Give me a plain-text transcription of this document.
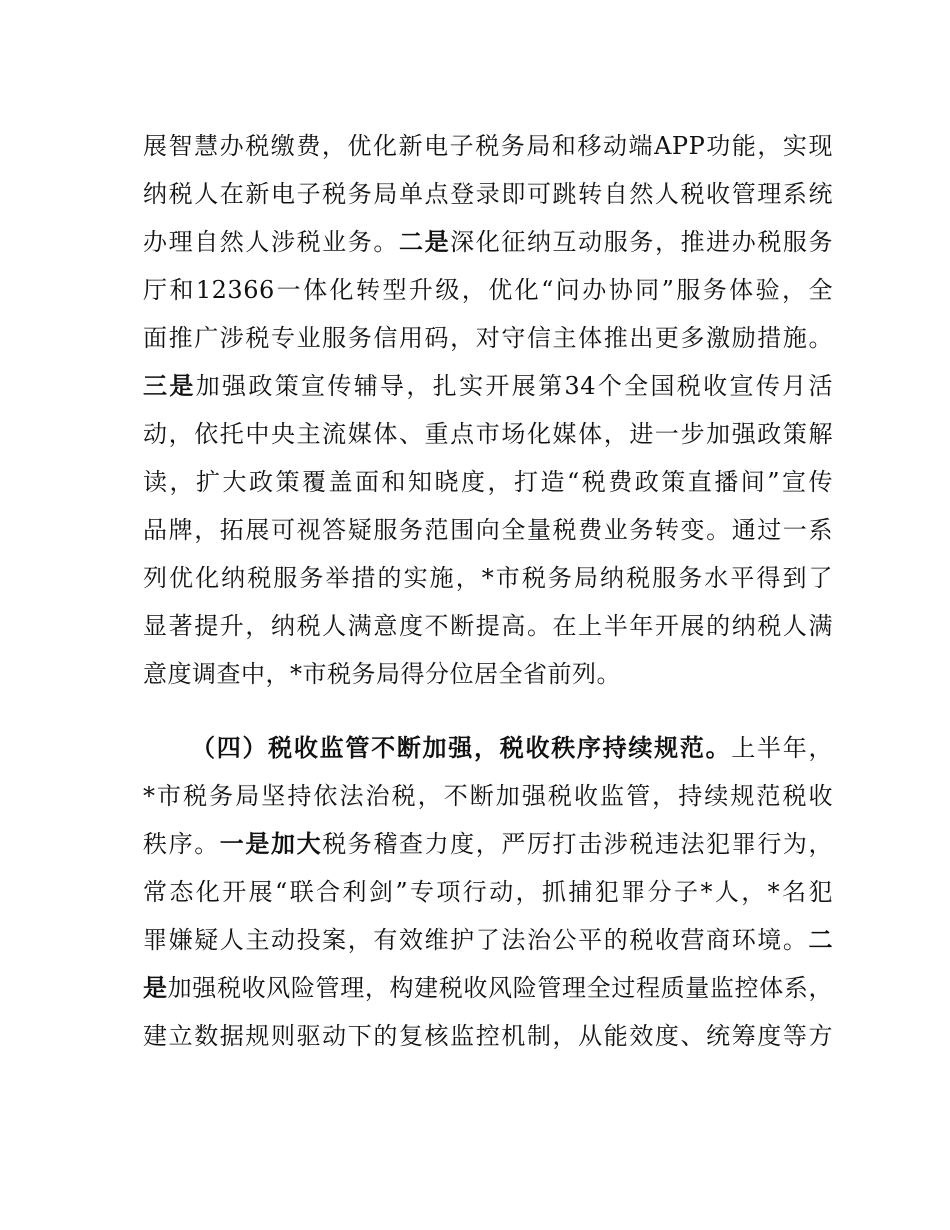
展智慧办税缴费，优化新电子税务局和移动端APP功能，实现
纳税人在新电子税务局单点登录即可跳转自然人税收管理系统
办理自然人涉税业务。二是深化征纳互动服务，推进办税服务
厅和12366一体化转型升级，优化“问办协同”服务体验，全
面推广涉税专业服务信用码，对守信主体推出更多激励措施。
三是加强政策宣传辅导，扎实开展第34个全国税收宣传月活
动，依托中央主流媒体、重点市场化媒体，进一步加强政策解
读，扩大政策覆盖面和知晓度，打造“税费政策直播间”宣传
品牌，拓展可视答疑服务范围向全量税费业务转变。通过一系
列优化纳税服务举措的实施，*市税务局纳税服务水平得到了
显著提升，纳税人满意度不断提高。在上半年开展的纳税人满
意度调查中，*市税务局得分位居全省前列。
（四）税收监管不断加强，税收秩序持续规范。上半年，
*市税务局坚持依法治税，不断加强税收监管，持续规范税收
秩序。一是加大税务稽查力度，严厉打击涉税违法犯罪行为，
常态化开展“联合利剑”专项行动，抓捕犯罪分子*人，*名犯
罪嫌疑人主动投案，有效维护了法治公平的税收营商环境。二
是加强税收风险管理，构建税收风险管理全过程质量监控体系，
建立数据规则驱动下的复核监控机制，从能效度、统筹度等方
